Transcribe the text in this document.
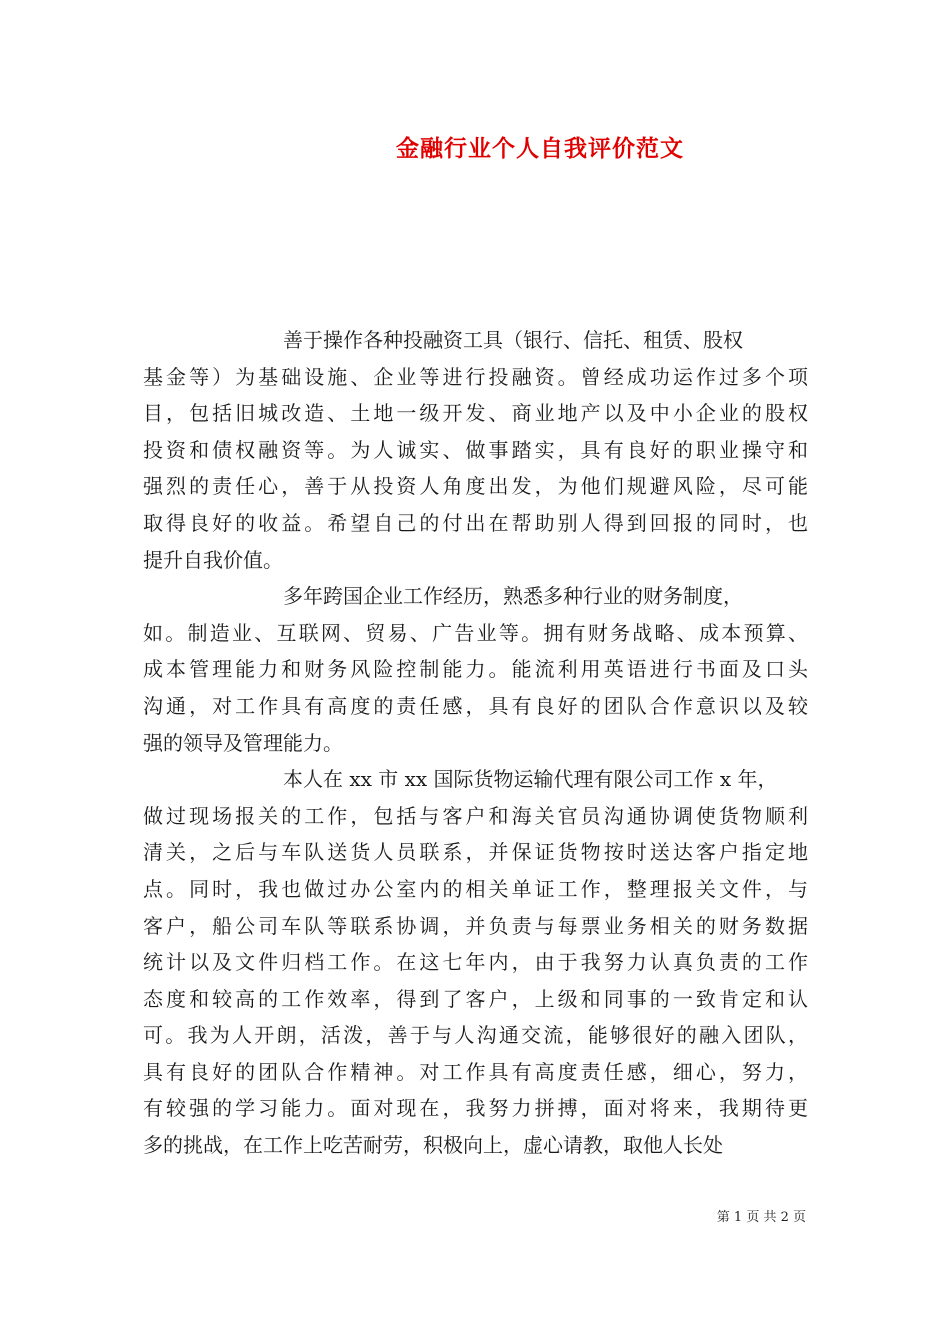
金融行业个人自我评价范文
善于操作各种投融资工具（银行、信托、租赁、股权
基金等）为基础设施、企业等进行投融资。曾经成功运作过多个项
目，包括旧城改造、土地一级开发、商业地产以及中小企业的股权
投资和债权融资等。为人诚实、做事踏实，具有良好的职业操守和
强烈的责任心，善于从投资人角度出发，为他们规避风险，尽可能
取得良好的收益。希望自己的付出在帮助别人得到回报的同时，也
提升自我价值。
多年跨国企业工作经历，熟悉多种行业的财务制度，
如。制造业、互联网、贸易、广告业等。拥有财务战略、成本预算、
成本管理能力和财务风险控制能力。能流利用英语进行书面及口头
沟通，对工作具有高度的责任感，具有良好的团队合作意识以及较
强的领导及管理能力。
本人在 xx 市 xx 国际货物运输代理有限公司工作 x 年，
做过现场报关的工作，包括与客户和海关官员沟通协调使货物顺利
清关，之后与车队送货人员联系，并保证货物按时送达客户指定地
点。同时，我也做过办公室内的相关单证工作，整理报关文件，与
客户，船公司车队等联系协调，并负责与每票业务相关的财务数据
统计以及文件归档工作。在这七年内，由于我努力认真负责的工作
态度和较高的工作效率，得到了客户，上级和同事的一致肯定和认
可。我为人开朗，活泼，善于与人沟通交流，能够很好的融入团队，
具有良好的团队合作精神。对工作具有高度责任感，细心，努力，
有较强的学习能力。面对现在，我努力拼搏，面对将来，我期待更
多的挑战，在工作上吃苦耐劳，积极向上，虚心请教，取他人长处
第 1 页 共 2 页
